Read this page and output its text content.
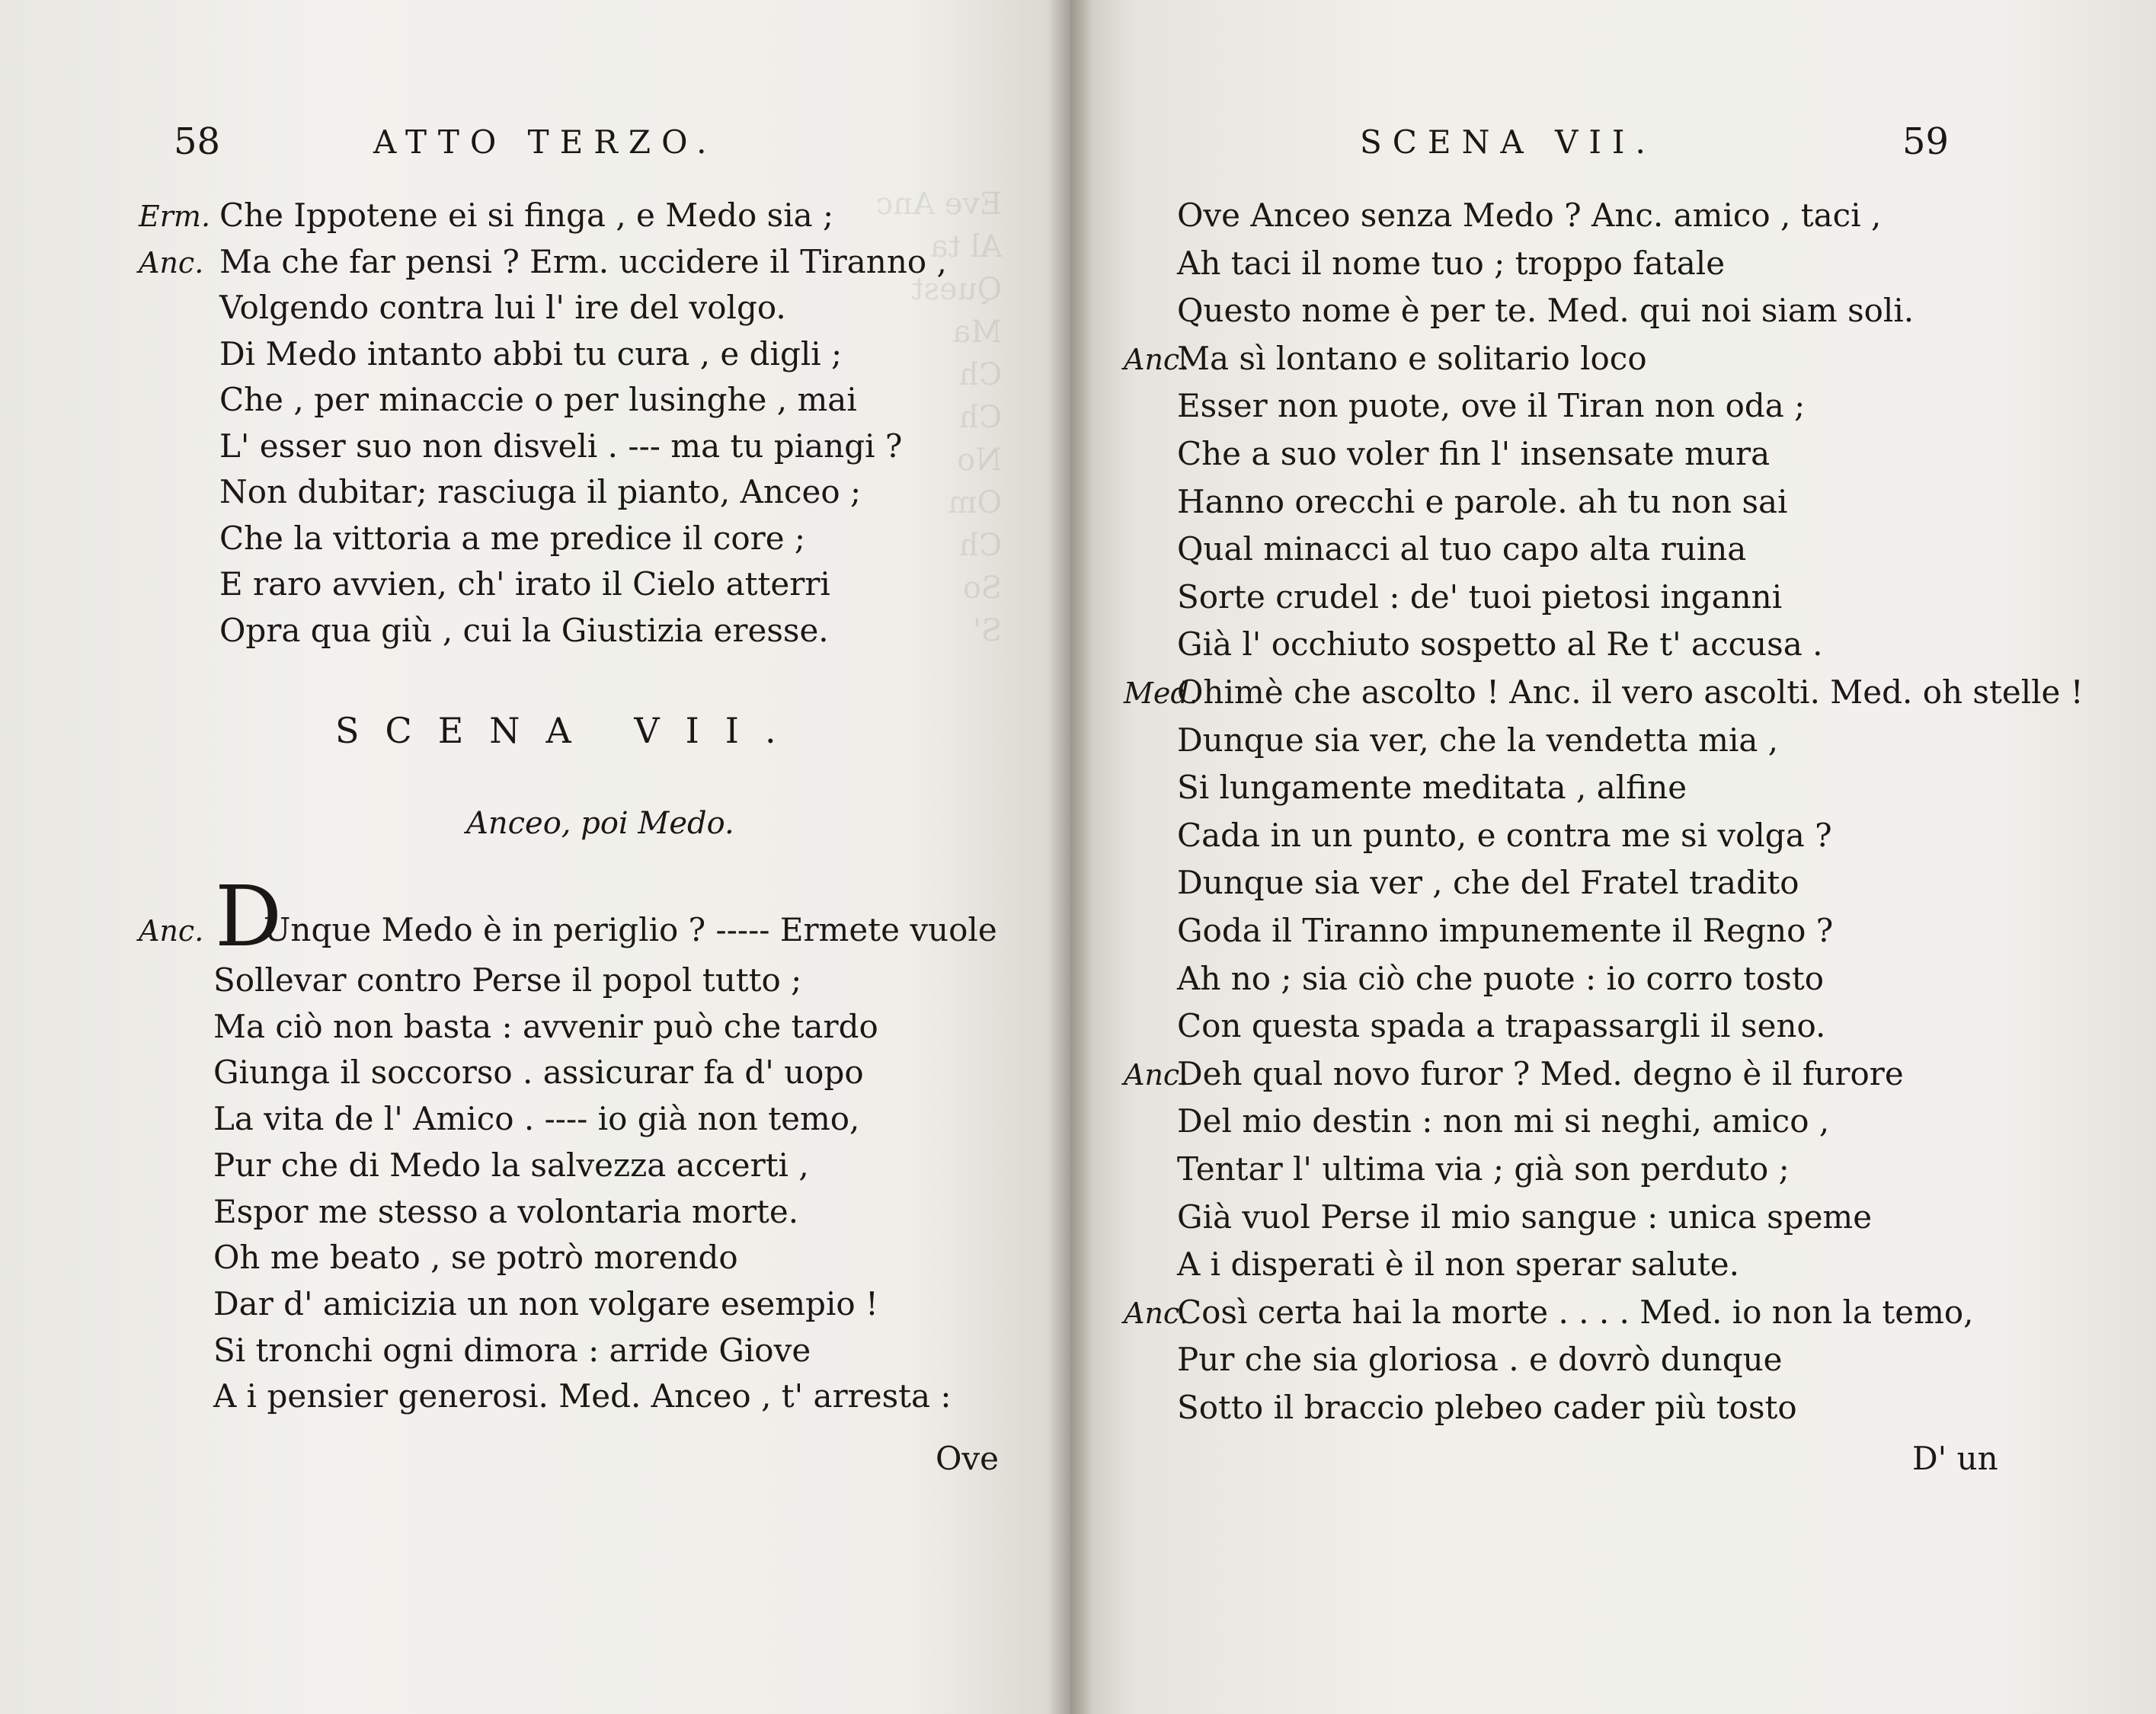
Eve Anc
Al ta
Quest
Ma
Ch
Ch
No
Om
Ch
So
S'
58	ATTO TERZO.
Erm. Che Ippotene ei si finga , e Medo sia ;
Anc. Ma che far pensi ? Erm. uccidere il Tiranno ,
Volgendo contra lui l' ire del volgo.
Di Medo intanto abbi tu cura , e digli ;
Che , per minaccie o per lusinghe , mai
L' esser suo non disveli . --- ma tu piangi ?
Non dubitar; rasciuga il pianto, Anceo ;
Che la vittoria a me predice il core ;
E raro avvien, ch' irato il Cielo atterri
Opra qua giù , cui la Giustizia eresse.
SCENA VII.
Anceo, poi Medo.
Anc. D
Unque Medo è in periglio ? ----- Ermete vuole
Sollevar contro Perse il popol tutto ;
Ma ciò non basta : avvenir può che tardo
Giunga il soccorso . assicurar fa d' uopo
La vita de l' Amico . ---- io già non temo,
Pur che di Medo la salvezza accerti ,
Espor me stesso a volontaria morte.
Oh me beato , se potrò morendo
Dar d' amicizia un non volgare esempio !
Si tronchi ogni dimora : arride Giove
A i pensier generosi. Med. Anceo , t' arresta :
Ove
SCENA VII.	59
Ove Anceo senza Medo ? Anc. amico , taci ,
Ah taci il nome tuo ; troppo fatale
Questo nome è per te. Med. qui noi siam soli.
Anc.
Ma sì lontano e solitario loco
Esser non puote, ove il Tiran non oda ;
Che a suo voler fin l' insensate mura
Hanno orecchi e parole. ah tu non sai
Qual minacci al tuo capo alta ruina
Sorte crudel : de' tuoi pietosi inganni
Già l' occhiuto sospetto al Re t' accusa .
Med.
Ohimè che ascolto ! Anc. il vero ascolti. Med. oh stelle !
Dunque sia ver, che la vendetta mia ,
Si lungamente meditata , alfine
Cada in un punto, e contra me si volga ?
Dunque sia ver , che del Fratel tradito
Goda il Tiranno impunemente il Regno ?
Ah no ; sia ciò che puote : io corro tosto
Con questa spada a trapassargli il seno.
Anc.
Deh qual novo furor ? Med. degno è il furore
Del mio destin : non mi si neghi, amico ,
Tentar l' ultima via ; già son perduto ;
Già vuol Perse il mio sangue : unica speme
A i disperati è il non sperar salute.
Anc.
Così certa hai la morte . . . . Med. io non la temo,
Pur che sia gloriosa . e dovrò dunque
Sotto il braccio plebeo cader più tosto
D' un
